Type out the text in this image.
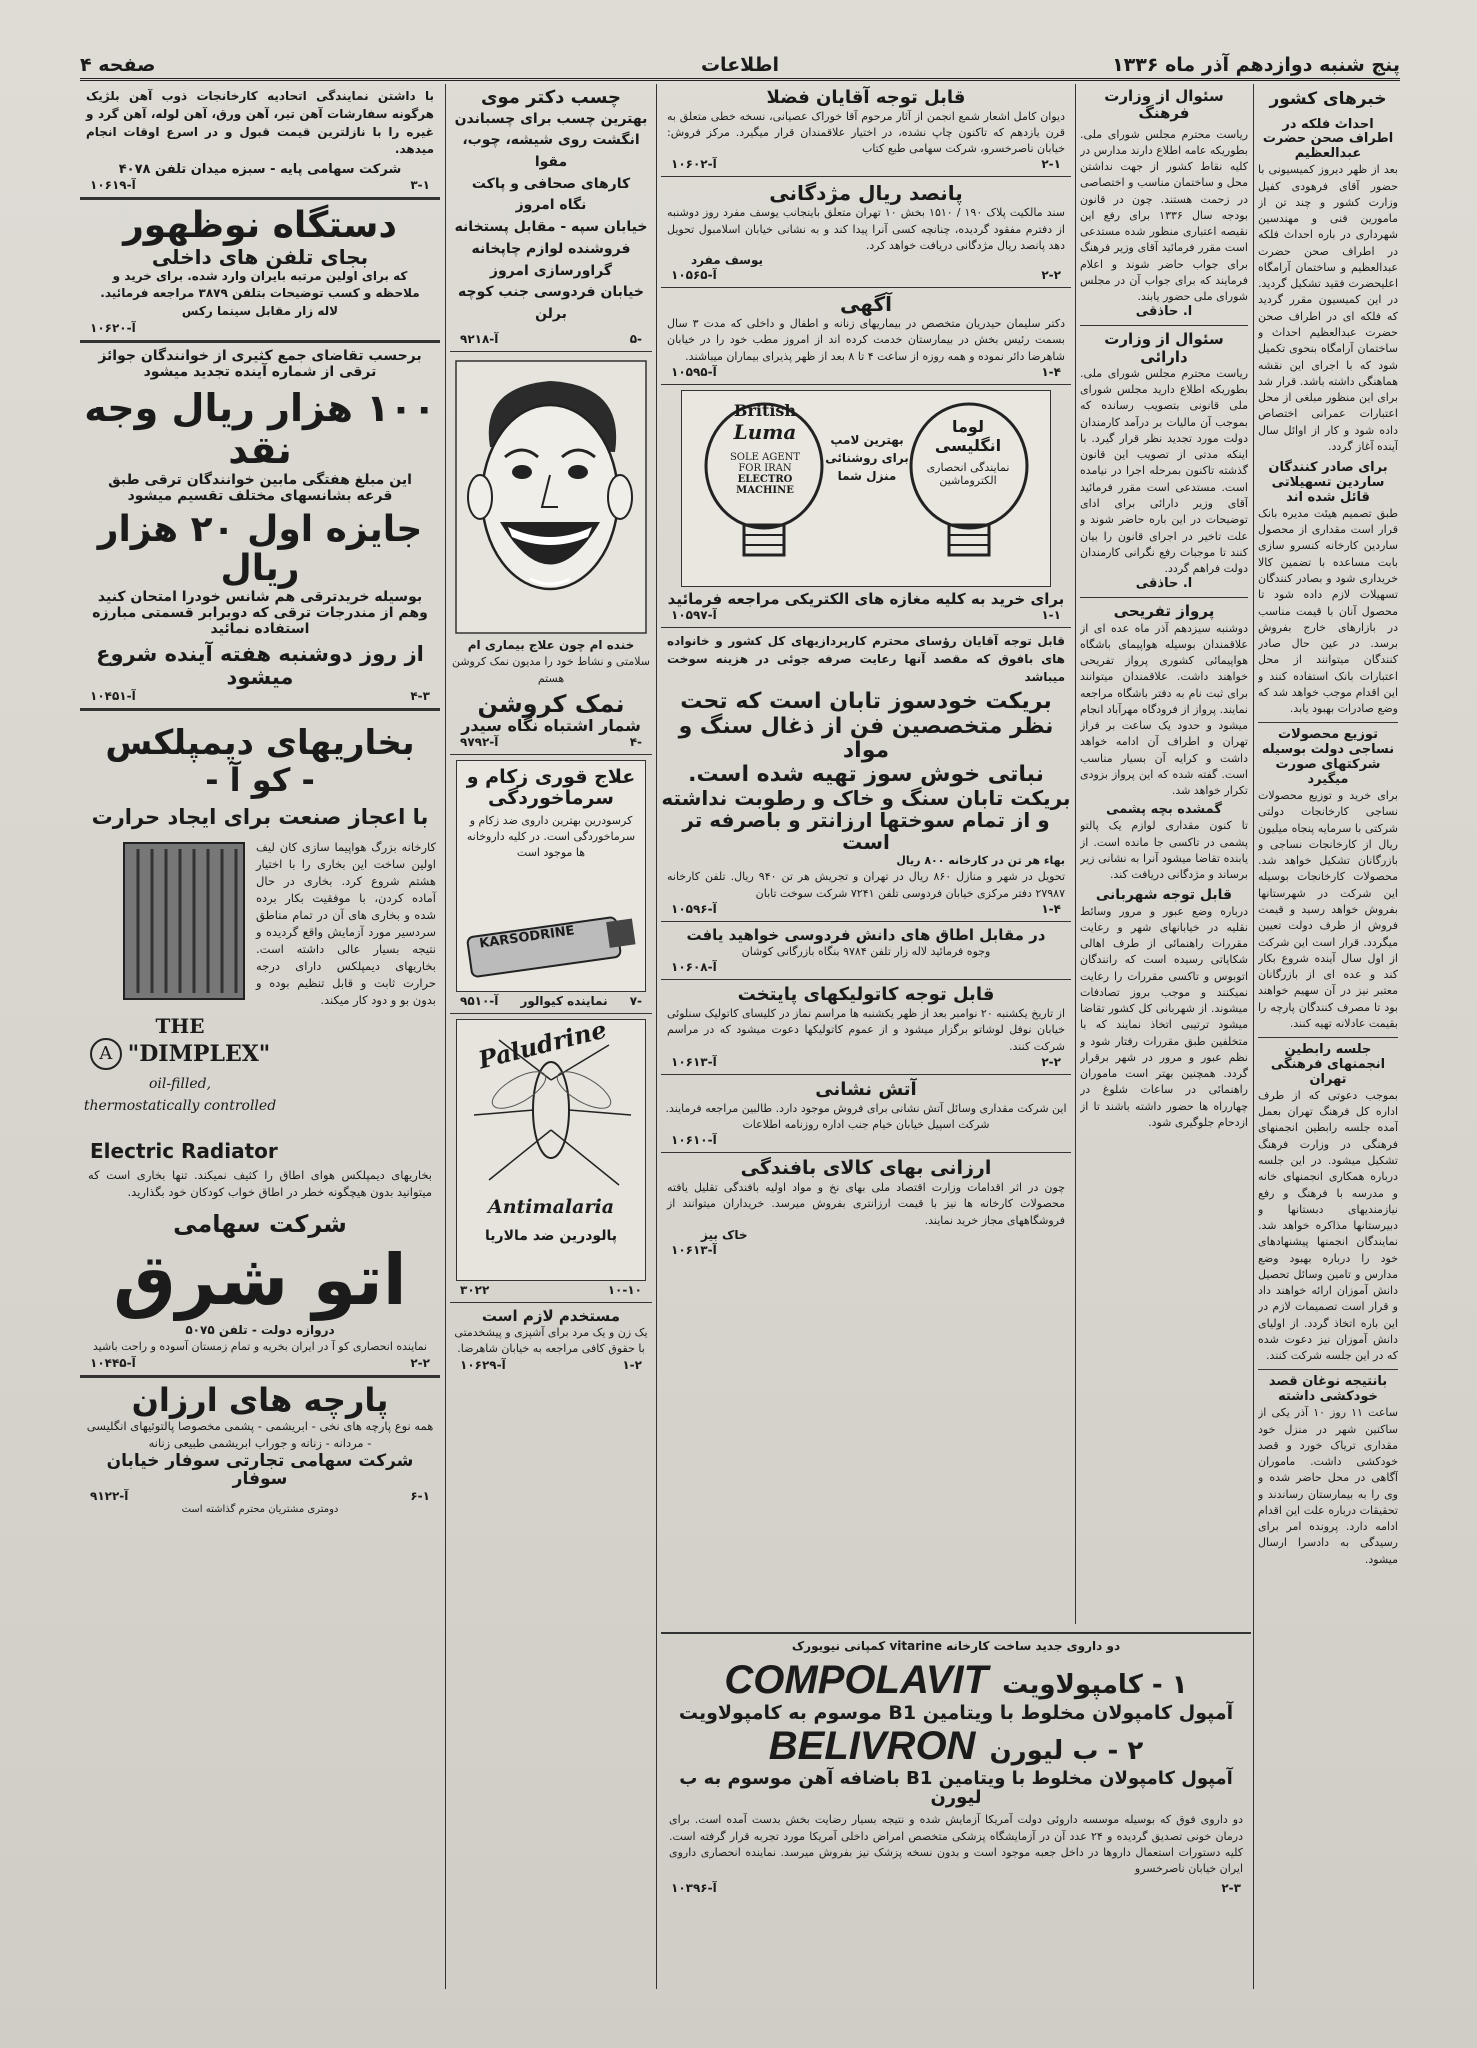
صفحه ۴	اطلاعات	پنج شنبه دوازدهم آذر ماه ۱۳۳۶
خبرهای کشور
احداث فلکه در اطراف صحن حضرت عبدالعظیم
بعد از ظهر دیروز کمیسیونی با حضور آقای فرهودی کفیل وزارت کشور و چند تن از مامورین فنی و مهندسین شهرداری در باره احداث فلکه در اطراف صحن حضرت عبدالعظیم و ساختمان آرامگاه اعلیحضرت فقید تشکیل گردید. در این کمیسیون مقرر گردید که فلکه ای در اطراف صحن حضرت عبدالعظیم احداث و ساختمان آرامگاه بنحوی تکمیل شود که با اجرای این نقشه هماهنگی داشته باشد. قرار شد برای این منظور مبلغی از محل اعتبارات عمرانی اختصاص داده شود و کار از اوائل سال آینده آغاز گردد.
برای صادر کنندگان ساردین تسهیلاتی قائل شده اند
طبق تصمیم هیئت مدیره بانک قرار است مقداری از محصول ساردین کارخانه کنسرو سازی بابت مساعده با تضمین کالا خریداری شود و بصادر کنندگان تسهیلات لازم داده شود تا محصول آنان با قیمت مناسب در بازارهای خارج بفروش برسد. در عین حال صادر کنندگان میتوانند از محل اعتبارات بانک استفاده کنند و این اقدام موجب خواهد شد که وضع صادرات بهبود یابد.
توزیع محصولات نساجی دولت بوسیله شرکتهای صورت میگیرد
برای خرید و توزیع محصولات نساجی کارخانجات دولتی شرکتی با سرمایه پنجاه میلیون ریال از کارخانجات نساجی و بازرگانان تشکیل خواهد شد. محصولات کارخانجات بوسیله این شرکت در شهرستانها بفروش خواهد رسید و قیمت فروش از طرف دولت تعیین میگردد. قرار است این شرکت از اول سال آینده شروع بکار کند و عده ای از بازرگانان معتبر نیز در آن سهیم خواهند بود تا مصرف کنندگان پارچه را بقیمت عادلانه تهیه کنند.
جلسه رابطین انجمنهای فرهنگی تهران
بموجب دعوتی که از طرف اداره کل فرهنگ تهران بعمل آمده جلسه رابطین انجمنهای فرهنگی در وزارت فرهنگ تشکیل میشود. در این جلسه درباره همکاری انجمنهای خانه و مدرسه با فرهنگ و رفع نیازمندیهای دبستانها و دبیرستانها مذاکره خواهد شد. نمایندگان انجمنها پیشنهادهای خود را درباره بهبود وضع مدارس و تامین وسائل تحصیل دانش آموزان ارائه خواهند داد و قرار است تصمیمات لازم در این باره اتخاذ گردد. از اولیای دانش آموزان نیز دعوت شده که در این جلسه شرکت کنند.
بانتیجه نوغان قصد خودکشی داشته
ساعت ۱۱ روز ۱۰ آذر یکی از ساکنین شهر در منزل خود مقداری تریاک خورد و قصد خودکشی داشت. ماموران آگاهی در محل حاضر شده و وی را به بیمارستان رساندند و تحقیقات درباره علت این اقدام ادامه دارد. پرونده امر برای رسیدگی به دادسرا ارسال میشود.
سئوال از وزارت فرهنگ
ریاست محترم مجلس شورای ملی. بطوریکه عامه اطلاع دارند مدارس در کلیه نقاط کشور از جهت نداشتن محل و ساختمان مناسب و اختصاصی در زحمت هستند. چون در قانون بودجه سال ۱۳۳۶ برای رفع این نقیصه اعتباری منظور شده مستدعی است مقرر فرمائید آقای وزیر فرهنگ برای جواب حاضر شوند و اعلام فرمایند که برای جواب آن در مجلس شورای ملی حضور یابند.
ا. حاذقی
سئوال از وزارت دارائی
ریاست محترم مجلس شورای ملی. بطوریکه اطلاع دارید مجلس شورای ملی قانونی بتصویب رسانده که بموجب آن مالیات بر درآمد کارمندان دولت مورد تجدید نظر قرار گیرد. با اینکه مدتی از تصویب این قانون گذشته تاکنون بمرحله اجرا در نیامده است. مستدعی است مقرر فرمائید آقای وزیر دارائی برای ادای توضیحات در این باره حاضر شوند و علت تاخیر در اجرای قانون را بیان کنند تا موجبات رفع نگرانی کارمندان دولت فراهم گردد.
ا. حاذقی
پرواز تفریحی
دوشنبه سیزدهم آذر ماه عده ای از علاقمندان بوسیله هواپیمای باشگاه هواپیمائی کشوری پرواز تفریحی خواهند داشت. علاقمندان میتوانند برای ثبت نام به دفتر باشگاه مراجعه نمایند. پرواز از فرودگاه مهرآباد انجام میشود و حدود یک ساعت بر فراز تهران و اطراف آن ادامه خواهد داشت و کرایه آن بسیار مناسب است. گفته شده که این پرواز بزودی تکرار خواهد شد.
گمشده بچه پشمی
تا کنون مقداری لوازم یک پالتو پشمی در تاکسی جا مانده است. از یابنده تقاضا میشود آنرا به نشانی زیر برساند و مژدگانی دریافت کند.
قابل توجه شهربانی
درباره وضع عبور و مرور وسائط نقلیه در خیابانهای شهر و رعایت مقررات راهنمائی از طرف اهالی شکایاتی رسیده است که رانندگان اتوبوس و تاکسی مقررات را رعایت نمیکنند و موجب بروز تصادفات میشوند. از شهربانی کل کشور تقاضا میشود ترتیبی اتخاذ نمایند که با متخلفین طبق مقررات رفتار شود و نظم عبور و مرور در شهر برقرار گردد. همچنین بهتر است ماموران راهنمائی در ساعات شلوغ در چهارراه ها حضور داشته باشند تا از ازدحام جلوگیری شود.
قابل توجه آقایان فضلا
دیوان کامل اشعار شمع انجمن از آثار مرحوم آقا خوراک عصیانی، نسخه خطی متعلق به قرن یازدهم که تاکنون چاپ نشده، در اختیار علاقمندان قرار میگیرد. مرکز فروش: خیابان ناصرخسرو، شرکت سهامی طبع کتاب
آ-۱۰۶۰۲	۲-۱
پانصد ریال مژدگانی
سند مالکیت پلاک ۱۹۰ / ۱۵۱۰ بخش ۱۰ تهران متعلق باینجانب یوسف مفرد روز دوشنبه از دفترم مفقود گردیده، چنانچه کسی آنرا پیدا کند و به نشانی خیابان اسلامبول تحویل دهد پانصد ریال مژدگانی دریافت خواهد کرد.
یوسف مفرد
آ-۱۰۵۶۵	۲-۲
آگهی
دکتر سلیمان حیدریان متخصص در بیماریهای زنانه و اطفال و داخلی که مدت ۳ سال بسمت رئیس بخش در بیمارستان خدمت کرده اند از امروز مطب خود را در خیابان شاهرضا دائر نموده و همه روزه از ساعت ۴ تا ۸ بعد از ظهر پذیرای بیماران میباشند.
آ-۱۰۵۹۵	۱-۴
British
Luma
SOLE AGENT FOR IRAN
ELECTRO MACHINE
لوما انگلیسی
نمایندگی انحصاری الکتروماشین
بهترین لامپ برای روشنائی منزل شما
برای خرید به کلیه مغازه های الکتریکی مراجعه فرمائید
آ-۱۰۵۹۷	۱-۱
قابل توجه آقایان رؤسای محترم کارپردازیهای کل کشور و خانواده های بافوق که مقصد آنها رعایت صرفه جوئی در هزینه سوخت میباشد
بریکت خودسوز تابان است که تحت
نظر متخصصین فن از ذغال سنگ و مواد
نباتی خوش سوز تهیه شده است.
بریکت تابان سنگ و خاک و رطوبت نداشته
و از تمام سوختها ارزانتر و باصرفه تر است
بهاء هر تن در کارخانه ۸۰۰ ریال
تحویل در شهر و منازل ۸۶۰ ریال در تهران و تجریش هر تن ۹۴۰ ریال. تلفن کارخانه ۲۷۹۸۷ دفتر مرکزی خیابان فردوسی تلفن ۷۲۴۱ شرکت سوخت تابان
آ-۱۰۵۹۶	۱-۴
در مقابل اطاق های دانش فردوسی خواهید یافت
وجوه فرمائید لاله زار تلفن ۹۷۸۴ بنگاه بازرگانی کوشان
آ-۱۰۶۰۸
قابل توجه کاتولیکهای پایتخت
از تاریخ یکشنبه ۲۰ نوامبر بعد از ظهر یکشنبه ها مراسم نماز در کلیسای کاتولیک سنلوئی خیابان نوفل لوشاتو برگزار میشود و از عموم کاتولیکها دعوت میشود که در مراسم شرکت کنند.
آ-۱۰۶۱۳	۲-۲
آتش نشانی
این شرکت مقداری وسائل آتش نشانی برای فروش موجود دارد. طالبین مراجعه فرمایند. شرکت اسپیل خیابان خیام جنب اداره روزنامه اطلاعات
آ-۱۰۶۱۰
ارزانی بهای کالای بافندگی
چون در اثر اقدامات وزارت اقتصاد ملی بهای نخ و مواد اولیه بافندگی تقلیل یافته محصولات کارخانه ها نیز با قیمت ارزانتری بفروش میرسد. خریداران میتوانند از فروشگاههای مجاز خرید نمایند.
خاک بیز
آ-۱۰۶۱۳
دو داروی جدید ساخت کارخانه vitarine کمپانی نیویورک
۱ - کامپولاویت
COMPOLAVIT
آمپول کامپولان مخلوط با ویتامین B1 موسوم به کامپولاویت
۲ - ب لیورن
BELIVRON
آمپول کامپولان مخلوط با ویتامین B1 باضافه آهن موسوم به ب لیورن
دو داروی فوق که بوسیله موسسه داروئی دولت آمریکا آزمایش شده و نتیجه بسیار رضایت بخش بدست آمده است. برای درمان خونی تصدیق گردیده و ۲۴ عدد آن در آزمایشگاه پزشکی متخصص امراض داخلی آمریکا مورد تجربه قرار گرفته است. کلیه دستورات استعمال داروها در داخل جعبه موجود است و بدون نسخه پزشک نیز بفروش میرسد. نماینده انحصاری داروی ایران خیابان ناصرخسرو
آ-۱۰۳۹۶	۲-۳
چسب دکتر موی
بهترین چسب برای چسباندن
انگشت روی شیشه، چوب، مقوا
کارهای صحافی و پاکت
نگاه امروز
خیابان سپه - مقابل پستخانه
فروشنده لوازم چاپخانه
گراورسازی امروز
خیابان فردوسی جنب کوچه برلن
آ-۹۲۱۸	۵-
خنده ام چون علاج بیماری ام
سلامتی و نشاط خود را مدیون نمک کروشن هستم
نمک کروشن
شمار اشتباه نگاه سیدر
آ-۹۷۹۲	۴-
علاج قوری زکام و سرماخوردگی
کرسودرین بهترین داروی ضد زکام و سرماخوردگی است. در کلیه داروخانه ها موجود است
KARSODRINE
آ-۹۵۱۰ نماینده کیوالور ۷-
Paludrine
Antimalaria
پالودرین ضد مالاریا
۳۰۲۲	۱۰-۱۰
مستخدم لازم است
یک زن و یک مرد برای آشپزی و پیشخدمتی با حقوق کافی مراجعه به خیابان شاهرضا.
آ-۱۰۶۲۹	۱-۲
با داشتن نمایندگی اتحادیه کارخانجات ذوب آهن بلژیک هرگونه سفارشات آهن تیر، آهن ورق، آهن لوله، آهن گرد و غیره را با نازلترین قیمت قبول و در اسرع اوقات انجام میدهد.
شرکت سهامی پایه - سبزه میدان تلفن ۴۰۷۸
آ-۱۰۶۱۹	۳-۱
دستگاه نوظهور
بجای تلفن های داخلی
که برای اولین مرتبه بایران وارد شده. برای خرید و ملاحظه و کسب توضیحات بتلفن ۳۸۷۹ مراجعه فرمائید. لاله زار مقابل سینما رکس
آ-۱۰۶۲۰
برحسب تقاضای جمع کثیری از خوانندگان جوائز ترقی از شماره آینده تجدید میشود
۱۰۰ هزار ریال وجه نقد
این مبلغ هفتگی مابین خوانندگان ترقی طبق قرعه بشانسهای مختلف تقسیم میشود
جایزه اول ۲۰ هزار ریال
بوسیله خریدترقی هم شانس خودرا امتحان کنید وهم از مندرجات ترقی که دوبرابر قسمتی مبارزه استفاده نمائید
از روز دوشنبه هفته آینده شروع میشود
آ-۱۰۴۵۱	۴-۳
بخاریهای دیمپلکس
- کو آ -
با اعجاز صنعت برای ایجاد حرارت
کارخانه بزرگ هواپیما سازی کان لیف اولین ساخت این بخاری را با اختیار هشتم شروع کرد. بخاری در حال آماده کردن، با موفقیت بکار برده شده و بخاری های آن در تمام مناطق سردسیر مورد آزمایش واقع گردیده و نتیجه بسیار عالی داشته است. بخاریهای دیمپلکس دارای درجه حرارت ثابت و قابل تنظیم بوده و بدون بو و دود کار میکند.
THE
A "DIMPLEX"
oil-filled,
thermostatically controlled
Electric Radiator
بخاریهای دیمپلکس هوای اطاق را کثیف نمیکند. تنها بخاری است که میتوانید بدون هیچگونه خطر در اطاق خواب کودکان خود بگذارید.
شرکت سهامی
اتو شرق
دروازه دولت - تلفن ۵۰۷۵
نماینده انحصاری کو آ در ایران بخریه و تمام زمستان آسوده و راحت باشید
آ-۱۰۴۴۵	۲-۲
پارچه های ارزان
همه نوع پارچه های نخی - ابریشمی - پشمی مخصوصا پالتوئیهای انگلیسی - مردانه - زنانه و جوراب ابریشمی طبیعی زنانه
شرکت سهامی تجارتی سوفار خیابان سوفار
آ-۹۱۲۲	۶-۱
دومتری مشتریان محترم گذاشته است
